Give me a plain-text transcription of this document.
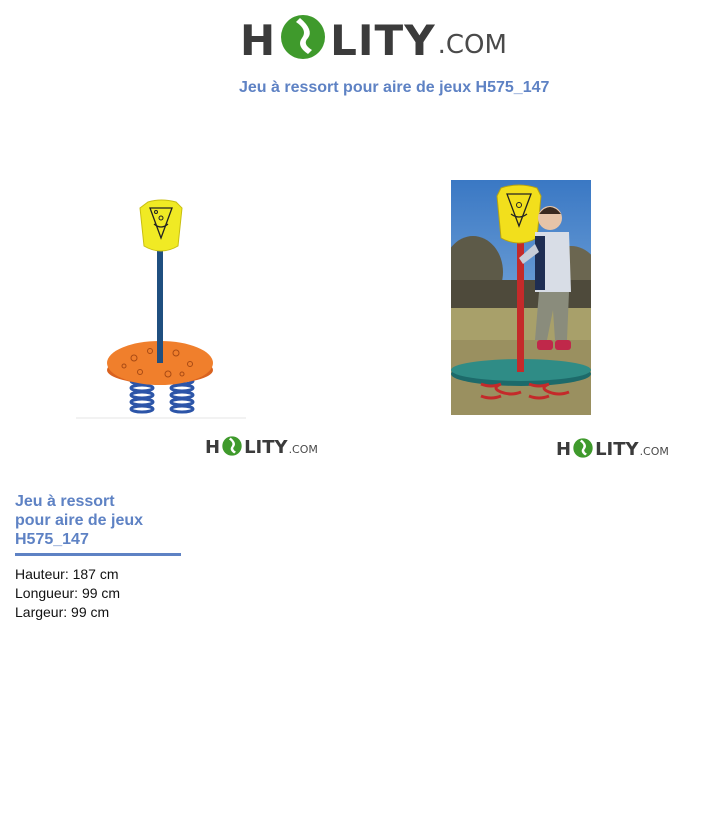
H LITY .COM
Jeu à ressort pour aire de jeux H575_147
H LITY .COM	H LITY .COM
Jeu à ressort pour aire de jeux H575_147
Hauteur: 187 cm
Longueur: 99 cm
Largeur: 99 cm
